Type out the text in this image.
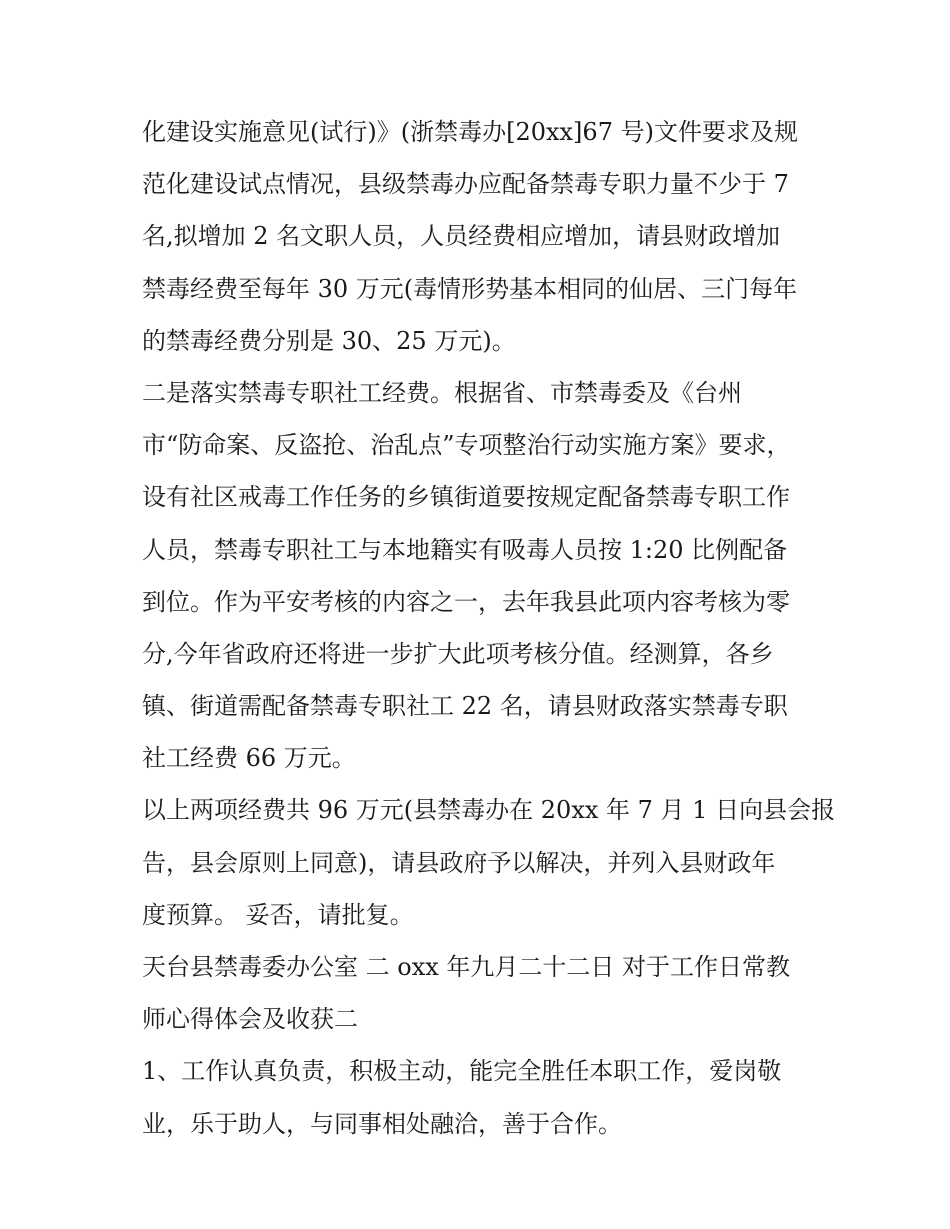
化建设实施意见(试行)》(浙禁毒办[20xx]67 号)文件要求及规
范化建设试点情况，县级禁毒办应配备禁毒专职力量不少于 7
名,拟增加 2 名文职人员，人员经费相应增加，请县财政增加
禁毒经费至每年 30 万元(毒情形势基本相同的仙居、三门每年
的禁毒经费分别是 30、25 万元)。
二是落实禁毒专职社工经费。根据省、市禁毒委及《台州
市“防命案、反盗抢、治乱点”专项整治行动实施方案》要求，
设有社区戒毒工作任务的乡镇街道要按规定配备禁毒专职工作
人员，禁毒专职社工与本地籍实有吸毒人员按 1:20 比例配备
到位。作为平安考核的内容之一，去年我县此项内容考核为零
分,今年省政府还将进一步扩大此项考核分值。经测算，各乡
镇、街道需配备禁毒专职社工 22 名，请县财政落实禁毒专职
社工经费 66 万元。
以上两项经费共 96 万元(县禁毒办在 20xx 年 7 月 1 日向县会报
告，县会原则上同意)，请县政府予以解决，并列入县财政年
度预算。 妥否，请批复。
天台县禁毒委办公室 二 oxx 年九月二十二日 对于工作日常教
师心得体会及收获二
1、工作认真负责，积极主动，能完全胜任本职工作，爱岗敬
业，乐于助人，与同事相处融洽，善于合作。
